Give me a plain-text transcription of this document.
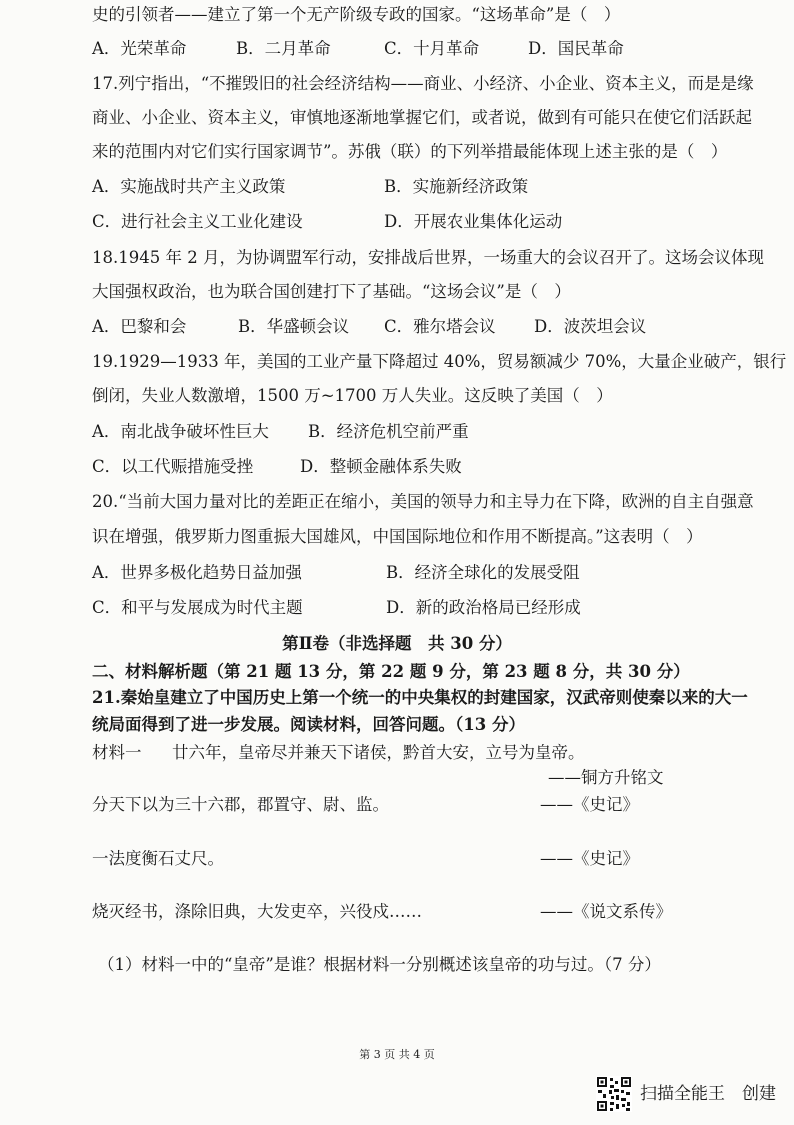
史的引领者——建立了第一个无产阶级专政的国家。“这场革命”是（　）
A．光荣革命	B．二月革命	C．十月革命	D．国民革命
17.列宁指出，“不摧毁旧的社会经济结构——商业、小经济、小企业、资本主义，而是是缘
商业、小企业、资本主义，审慎地逐渐地掌握它们，或者说，做到有可能只在使它们活跃起
来的范围内对它们实行国家调节”。苏俄（联）的下列举措最能体现上述主张的是（　）
A．实施战时共产主义政策	B．实施新经济政策
C．进行社会主义工业化建设	D．开展农业集体化运动
18.1945 年 2 月，为协调盟军行动，安排战后世界，一场重大的会议召开了。这场会议体现
大国强权政治，也为联合国创建打下了基础。“这场会议”是（　）
A．巴黎和会	B．华盛顿会议 C．雅尔塔会议 D．波茨坦会议
19.1929—1933 年，美国的工业产量下降超过 40%，贸易额减少 70%，大量企业破产，银行
倒闭，失业人数激增，1500 万~1700 万人失业。这反映了美国（　）
A．南北战争破坏性巨大 B．经济危机空前严重
C．以工代赈措施受挫	D．整顿金融体系失败
20.“当前大国力量对比的差距正在缩小，美国的领导力和主导力在下降，欧洲的自主自强意
识在增强，俄罗斯力图重振大国雄风，中国国际地位和作用不断提高。”这表明（　）
A．世界多极化趋势日益加强	B．经济全球化的发展受阻
C．和平与发展成为时代主题	D．新的政治格局已经形成
第Ⅱ卷（非选择题　共 30 分）
二、材料解析题（第 21 题 13 分，第 22 题 9 分，第 23 题 8 分，共 30 分）
21.秦始皇建立了中国历史上第一个统一的中央集权的封建国家，汉武帝则使秦以来的大一
统局面得到了进一步发展。阅读材料，回答问题。（13 分）
材料一 廿六年，皇帝尽并兼天下诸侯，黔首大安，立号为皇帝。
——铜方升铭文
分天下以为三十六郡，郡置守、尉、监。	——《史记》
一法度衡石丈尺。	——《史记》
烧灭经书，涤除旧典，大发吏卒，兴役戍……	——《说文系传》
（1）材料一中的“皇帝”是谁？根据材料一分别概述该皇帝的功与过。（7 分）
第 3 页 共 4 页
扫描全能王　创建
